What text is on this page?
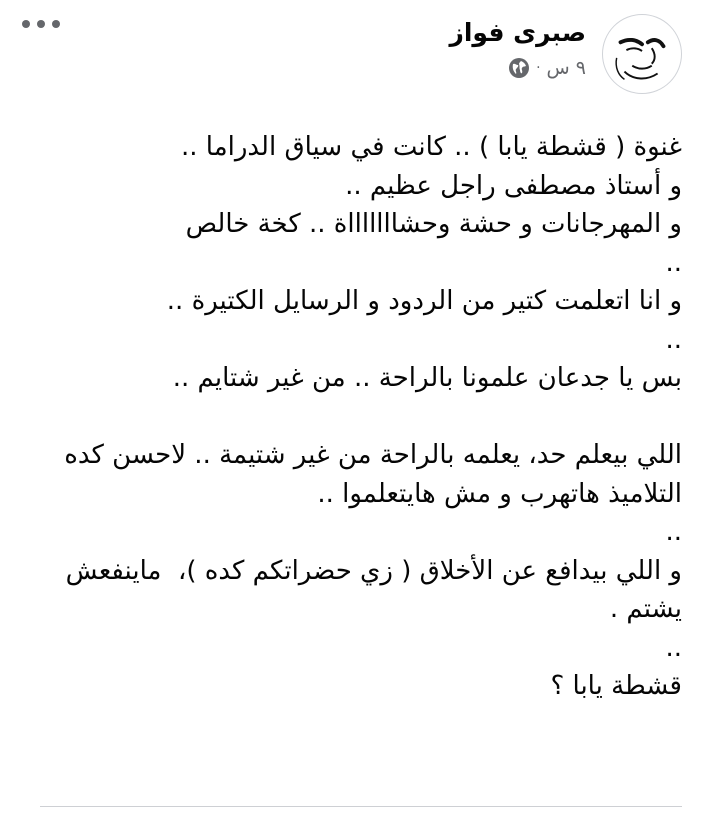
صبرى فواز
٩ س
·
غنوة ( قشطة يابا ) .. كانت في سياق الدراما ..
و أستاذ مصطفى راجل عظيم ..
و المهرجانات و حشة وحشاااااااة .. كخة خالص
..
و انا اتعلمت كتير من الردود و الرسايل الكتيرة ..
..
بس يا جدعان علمونا بالراحة .. من غير شتايم ..
اللي بيعلم حد، يعلمه بالراحة من غير شتيمة .. لاحسن كده
التلاميذ هاتهرب و مش هايتعلموا ..
..
و اللي بيدافع عن الأخلاق ( زي حضراتكم كده )،  ماينفعش
يشتم .
..
قشطة يابا ؟
